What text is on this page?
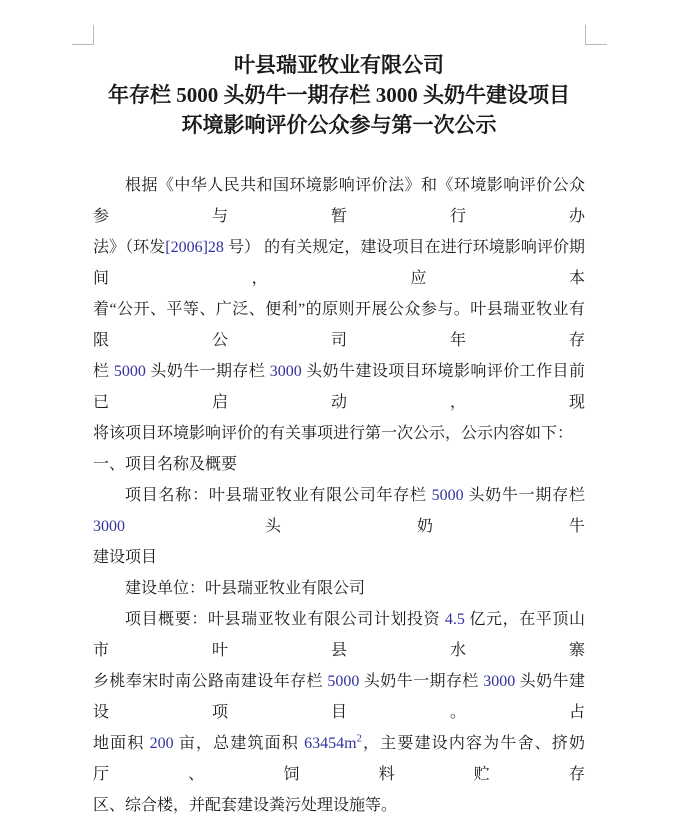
叶县瑞亚牧业有限公司
年存栏 5000 头奶牛一期存栏 3000 头奶牛建设项目
环境影响评价公众参与第一次公示
根据《中华人民共和国环境影响评价法》和《环境影响评价公众参与暂行办
法》（环发[2006]28 号） 的有关规定，建设项目在进行环境影响评价期间，应本
着“公开、平等、广泛、便利”的原则开展公众参与。叶县瑞亚牧业有限公司年存
栏 5000 头奶牛一期存栏 3000 头奶牛建设项目环境影响评价工作目前已启动，现
将该项目环境影响评价的有关事项进行第一次公示，公示内容如下：
一、项目名称及概要
项目名称：叶县瑞亚牧业有限公司年存栏 5000 头奶牛一期存栏 3000 头奶牛
建设项目
建设单位：叶县瑞亚牧业有限公司
项目概要：叶县瑞亚牧业有限公司计划投资 4.5 亿元，在平顶山市叶县水寨
乡桃奉宋时南公路南建设年存栏 5000 头奶牛一期存栏 3000 头奶牛建设项目。占
地面积 200 亩，总建筑面积 $63454m^2$，主要建设内容为牛舍、挤奶厅、饲料贮存
区、综合楼，并配套建设粪污处理设施等。
